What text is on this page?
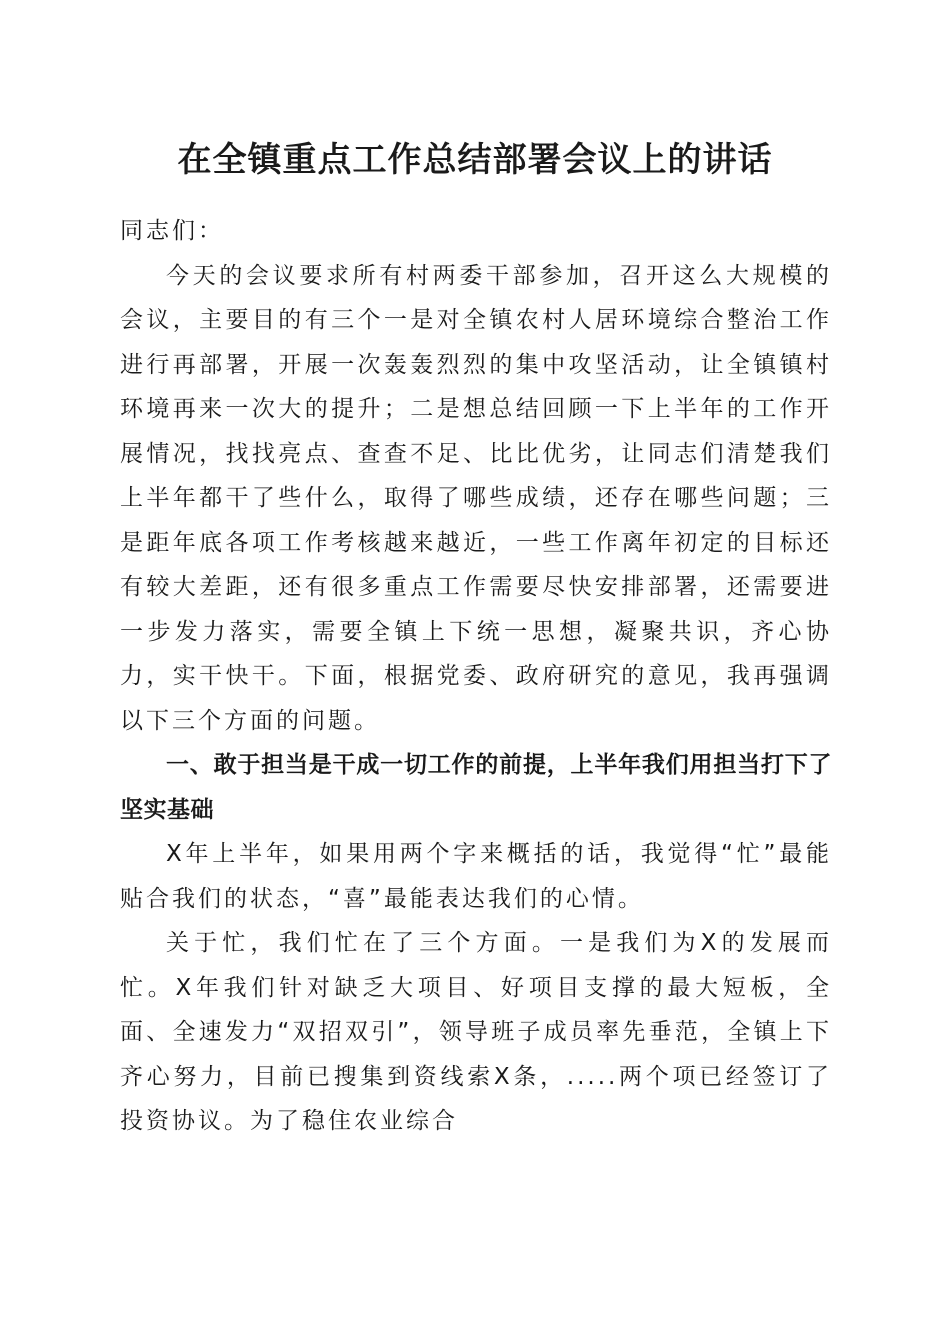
在全镇重点工作总结部署会议上的讲话

同志们：

今天的会议要求所有村两委干部参加，召开这么大规模的会议，主要目的有三个一是对全镇农村人居环境综合整治工作进行再部署，开展一次轰轰烈烈的集中攻坚活动，让全镇镇村环境再来一次大的提升；二是想总结回顾一下上半年的工作开展情况，找找亮点、查查不足、比比优劣，让同志们清楚我们上半年都干了些什么，取得了哪些成绩，还存在哪些问题；三是距年底各项工作考核越来越近，一些工作离年初定的目标还有较大差距，还有很多重点工作需要尽快安排部署，还需要进一步发力落实，需要全镇上下统一思想，凝聚共识，齐心协力，实干快干。下面，根据党委、政府研究的意见，我再强调以下三个方面的问题。

一、敢于担当是干成一切工作的前提，上半年我们用担当打下了坚实基础

X年上半年，如果用两个字来概括的话，我觉得“忙”最能贴合我们的状态，“喜”最能表达我们的心情。

关于忙，我们忙在了三个方面。一是我们为X的发展而忙。X年我们针对缺乏大项目、好项目支撑的最大短板，全面、全速发力“双招双引”，领导班子成员率先垂范，全镇上下齐心努力，目前已搜集到资线索X条，.....两个项已经签订了投资协议。为了稳住农业综合
